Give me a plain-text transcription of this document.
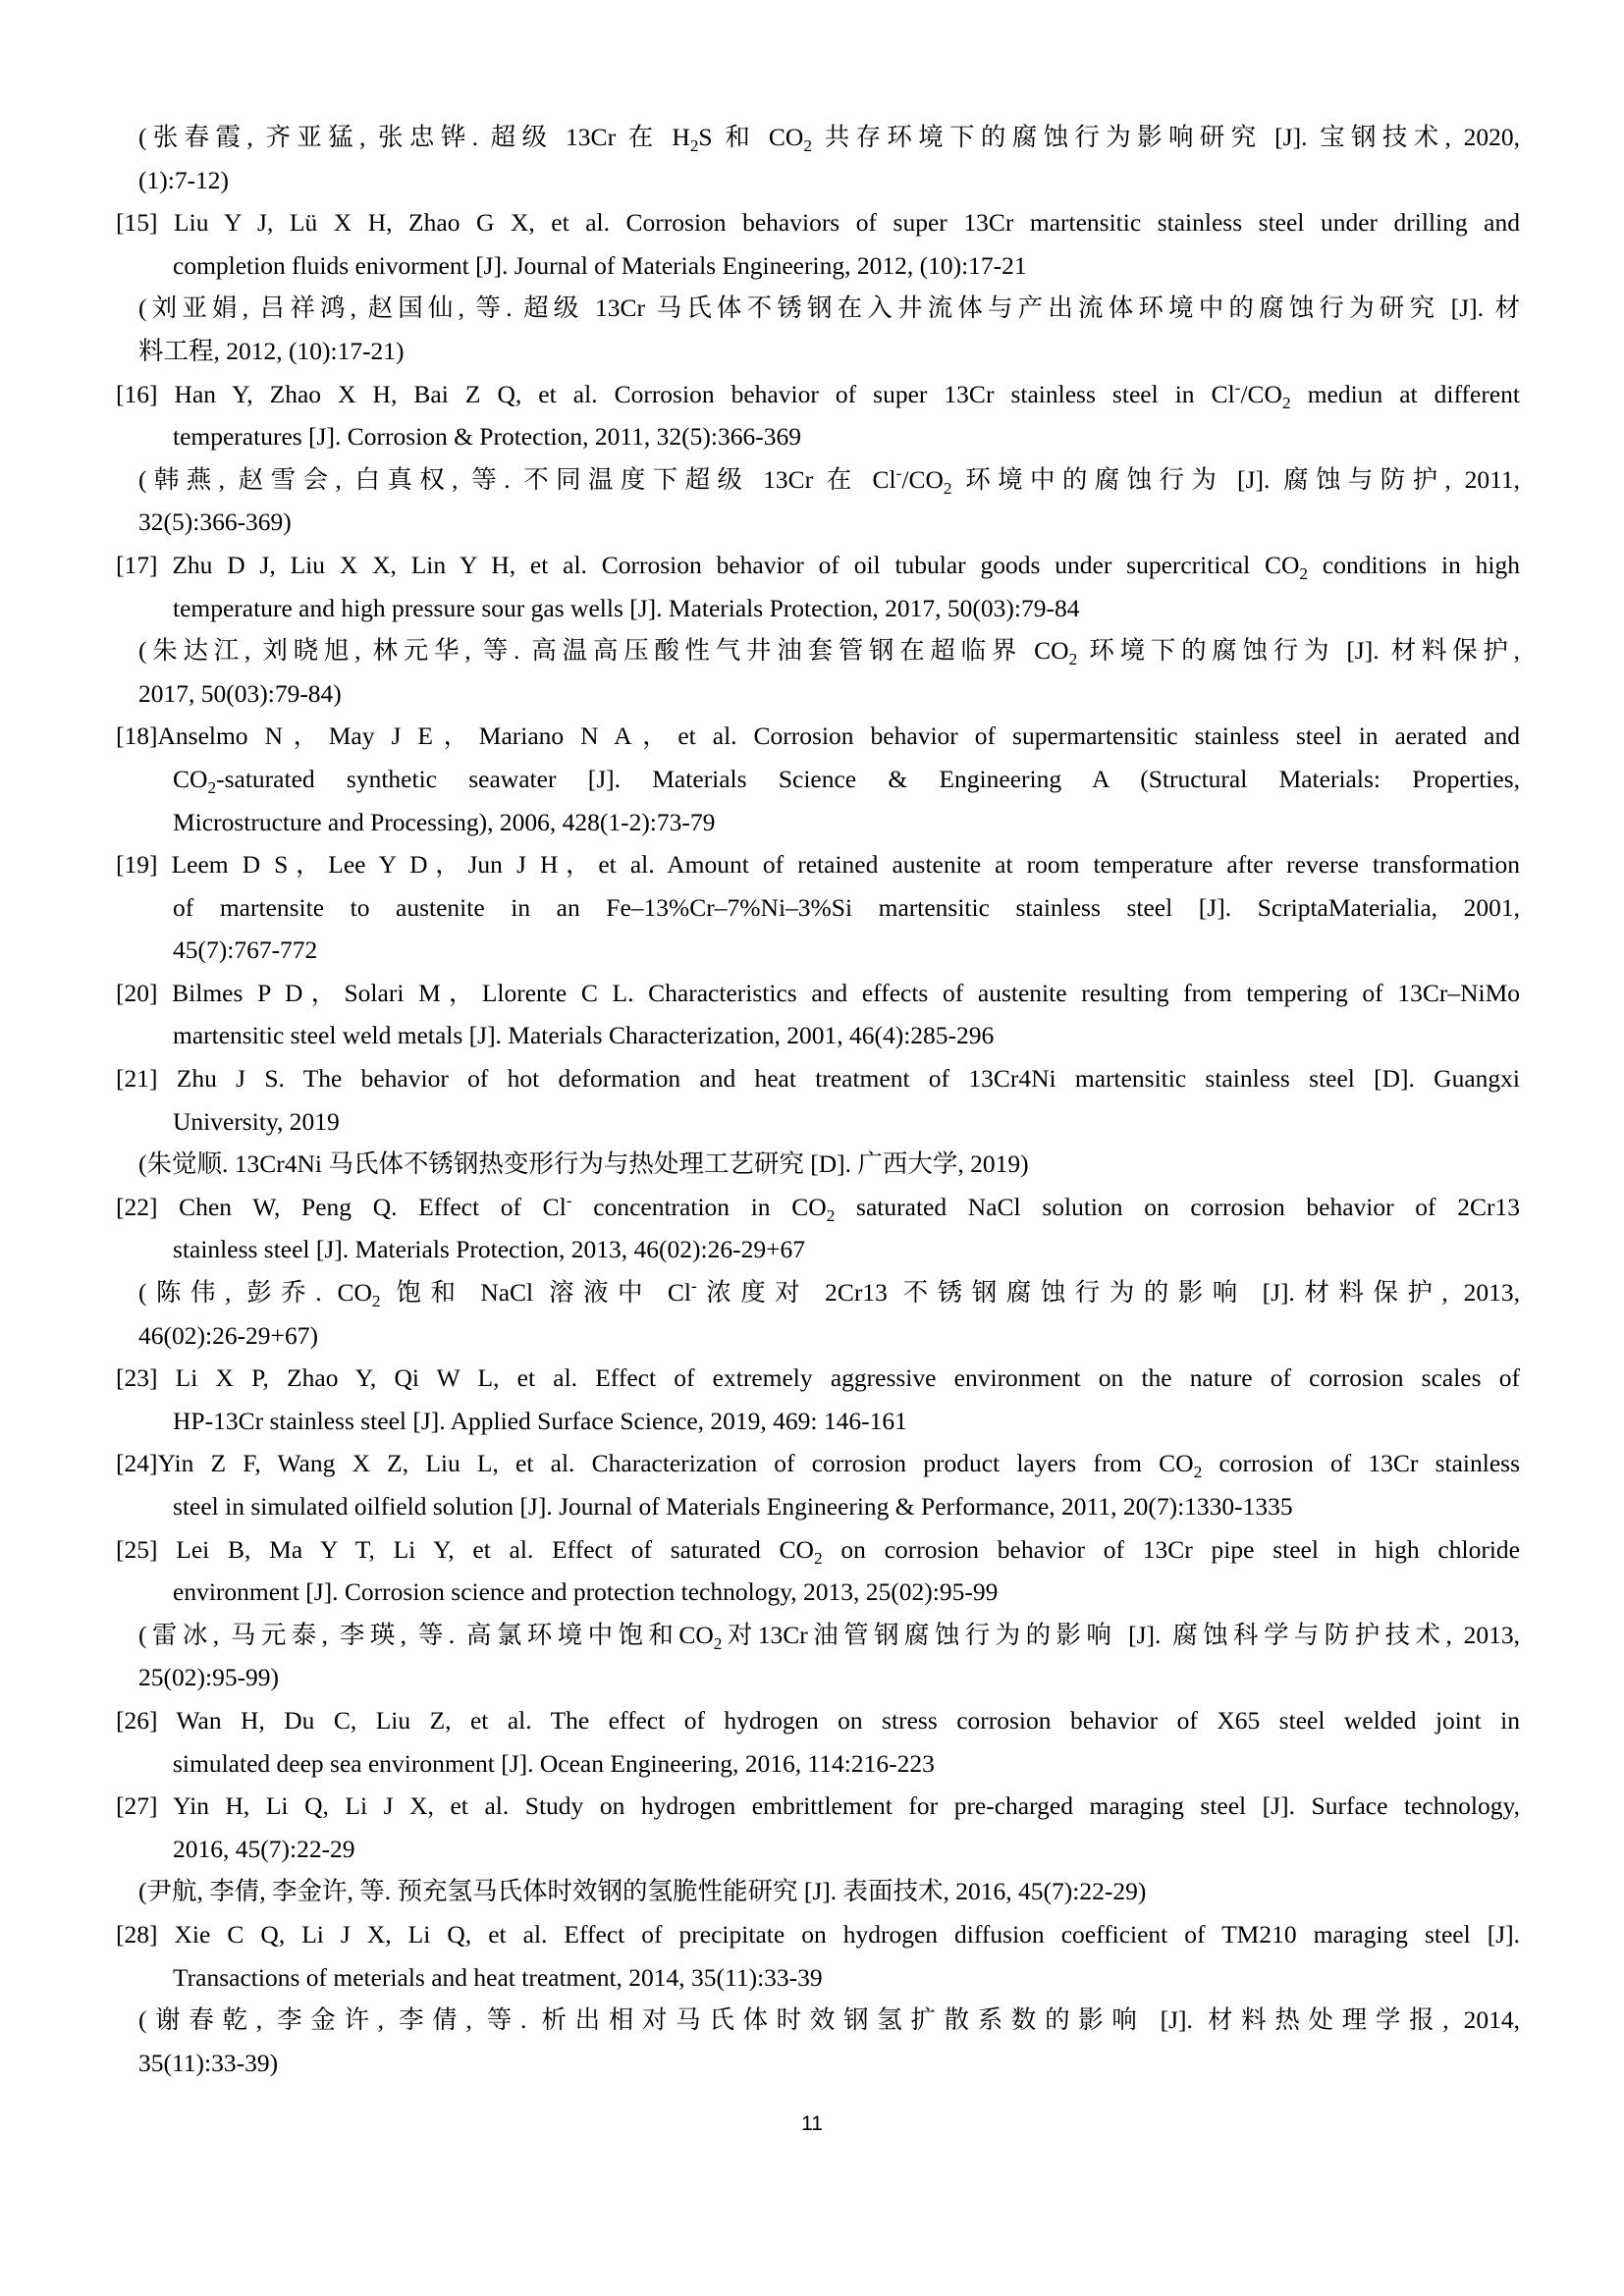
(张春霞, 齐亚猛, 张忠铧. 超级 13Cr 在 $H_2S$ 和 $CO_2$ 共存环境下的腐蚀行为影响研究 [J]. 宝钢技术, 2020,
(1):7-12)
[15] Liu Y J, Lü X H, Zhao G X, et al. Corrosion behaviors of super 13Cr martensitic stainless steel under drilling and
completion fluids enivorment [J]. Journal of Materials Engineering, 2012, (10):17-21
(刘亚娟, 吕祥鸿, 赵国仙, 等. 超级 13Cr 马氏体不锈钢在入井流体与产出流体环境中的腐蚀行为研究 [J]. 材
料工程, 2012, (10):17-21)
[16] Han Y, Zhao X H, Bai Z Q, et al. Corrosion behavior of super 13Cr stainless steel in $Cl^-/CO_2$ mediun at different
temperatures [J]. Corrosion & Protection, 2011, 32(5):366-369
(韩燕, 赵雪会, 白真权, 等. 不同温度下超级 13Cr 在 $Cl^-/CO_2$ 环境中的腐蚀行为 [J]. 腐蚀与防护, 2011,
32(5):366-369)
[17] Zhu D J, Liu X X, Lin Y H, et al. Corrosion behavior of oil tubular goods under supercritical $CO_2$ conditions in high
temperature and high pressure sour gas wells [J]. Materials Protection, 2017, 50(03):79-84
(朱达江, 刘晓旭, 林元华, 等. 高温高压酸性气井油套管钢在超临界 $CO_2$ 环境下的腐蚀行为 [J]. 材料保护,
2017, 50(03):79-84)
[18]Anselmo N，May J E，Mariano N A，et al. Corrosion behavior of supermartensitic stainless steel in aerated and
$CO_2$-saturated synthetic seawater [J]. Materials Science & Engineering A (Structural Materials: Properties,
Microstructure and Processing), 2006, 428(1-2):73-79
[19] Leem D S，Lee Y D，Jun J H，et al. Amount of retained austenite at room temperature after reverse transformation
of martensite to austenite in an Fe–13%Cr–7%Ni–3%Si martensitic stainless steel [J]. ScriptaMaterialia, 2001,
45(7):767-772
[20] Bilmes P D，Solari M，Llorente C L. Characteristics and effects of austenite resulting from tempering of 13Cr–NiMo
martensitic steel weld metals [J]. Materials Characterization, 2001, 46(4):285-296
[21] Zhu J S. The behavior of hot deformation and heat treatment of 13Cr4Ni martensitic stainless steel [D]. Guangxi
University, 2019
(朱觉顺. 13Cr4Ni 马氏体不锈钢热变形行为与热处理工艺研究 [D]. 广西大学, 2019)
[22] Chen W, Peng Q. Effect of Cl- concentration in $CO_2$ saturated NaCl solution on corrosion behavior of 2Cr13
stainless steel [J]. Materials Protection, 2013, 46(02):26-29+67
(陈伟, 彭乔. $CO_2$ 饱和 NaCl 溶液中 Cl-浓度对 2Cr13 不锈钢腐蚀行为的影响 [J].材料保护, 2013,
46(02):26-29+67)
[23] Li X P, Zhao Y, Qi W L, et al. Effect of extremely aggressive environment on the nature of corrosion scales of
HP-13Cr stainless steel [J]. Applied Surface Science, 2019, 469: 146-161
[24]Yin Z F, Wang X Z, Liu L, et al. Characterization of corrosion product layers from $CO_2$ corrosion of 13Cr stainless
steel in simulated oilfield solution [J]. Journal of Materials Engineering & Performance, 2011, 20(7):1330-1335
[25] Lei B, Ma Y T, Li Y, et al. Effect of saturated $CO_2$ on corrosion behavior of 13Cr pipe steel in high chloride
environment [J]. Corrosion science and protection technology, 2013, 25(02):95-99
(雷冰, 马元泰, 李瑛, 等. 高氯环境中饱和$CO_2$对13Cr油管钢腐蚀行为的影响 [J]. 腐蚀科学与防护技术, 2013,
25(02):95-99)
[26] Wan H, Du C, Liu Z, et al. The effect of hydrogen on stress corrosion behavior of X65 steel welded joint in
simulated deep sea environment [J]. Ocean Engineering, 2016, 114:216-223
[27] Yin H, Li Q, Li J X, et al. Study on hydrogen embrittlement for pre-charged maraging steel [J]. Surface technology,
2016, 45(7):22-29
(尹航, 李倩, 李金许, 等. 预充氢马氏体时效钢的氢脆性能研究 [J]. 表面技术, 2016, 45(7):22-29)
[28] Xie C Q, Li J X, Li Q, et al. Effect of precipitate on hydrogen diffusion coefficient of TM210 maraging steel [J].
Transactions of meterials and heat treatment, 2014, 35(11):33-39
(谢春乾, 李金许, 李倩, 等. 析出相对马氏体时效钢氢扩散系数的影响 [J]. 材料热处理学报, 2014,
35(11):33-39)
11
